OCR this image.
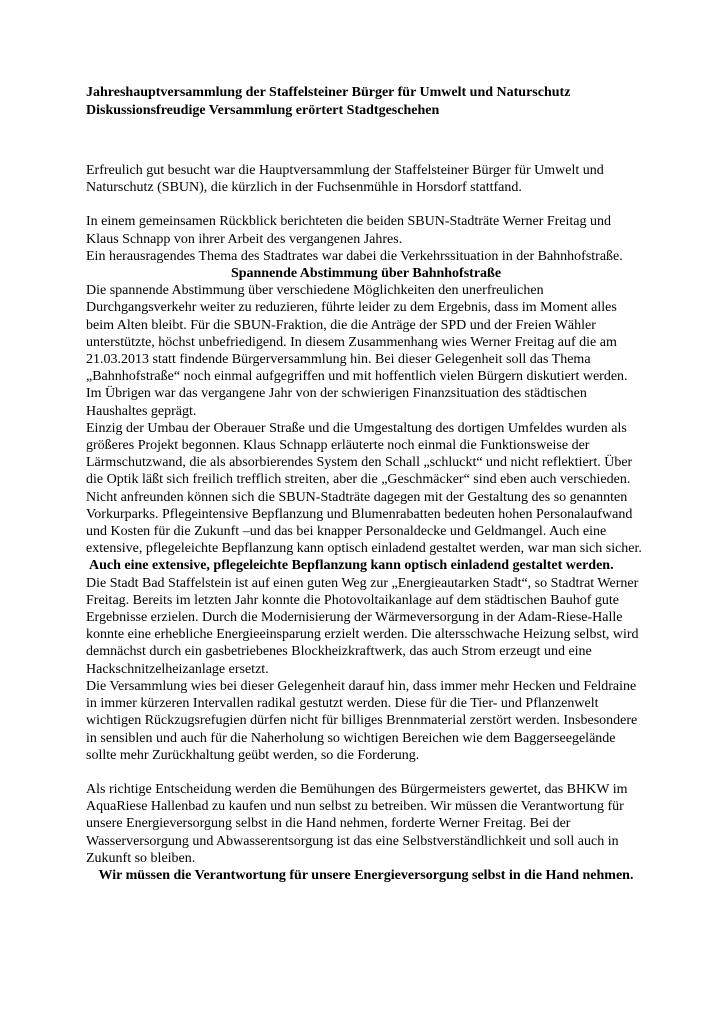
Jahreshauptversammlung der Staffelsteiner Bürger für Umwelt und Naturschutz
Diskussionsfreudige Versammlung erörtert Stadtgeschehen

Erfreulich gut besucht war die Hauptversammlung der Staffelsteiner Bürger für Umwelt und Naturschutz (SBUN), die kürzlich in der Fuchsenmühle in Horsdorf stattfand.

In einem gemeinsamen Rückblick berichteten die beiden SBUN-Stadträte Werner Freitag und Klaus Schnapp von ihrer Arbeit des vergangenen Jahres.

Ein herausragendes Thema des Stadtrates war dabei die Verkehrssituation in der Bahnhofstraße.

Spannende Abstimmung über Bahnhofstraße

Die spannende Abstimmung über verschiedene Möglichkeiten den unerfreulichen Durchgangsverkehr weiter zu reduzieren, führte leider zu dem Ergebnis, dass im Moment alles beim Alten bleibt. Für die SBUN-Fraktion, die die Anträge der SPD und der Freien Wähler unterstützte, höchst unbefriedigend. In diesem Zusammenhang wies Werner Freitag auf die am 21.03.2013 statt findende Bürgerversammlung hin. Bei dieser Gelegenheit soll das Thema „Bahnhofstraße“ noch einmal aufgegriffen und mit hoffentlich vielen Bürgern diskutiert werden.

Im Übrigen war das vergangene Jahr von der schwierigen Finanzsituation des städtischen Haushaltes geprägt.

Einzig der Umbau der Oberauer Straße und die Umgestaltung des dortigen Umfeldes wurden als größeres Projekt begonnen. Klaus Schnapp erläuterte noch einmal die Funktionsweise der Lärmschutzwand, die als absorbierendes System den Schall „schluckt“ und nicht reflektiert. Über die Optik läßt sich freilich trefflich streiten, aber die „Geschmäcker“ sind eben auch verschieden.

Nicht anfreunden können sich die SBUN-Stadträte dagegen mit der Gestaltung des so genannten Vorkurparks. Pflegeintensive Bepflanzung und Blumenrabatten bedeuten hohen Personalaufwand und Kosten für die Zukunft –und das bei knapper Personaldecke und Geldmangel. Auch eine extensive, pflegeleichte Bepflanzung kann optisch einladend gestaltet werden, war man sich sicher.

Auch eine extensive, pflegeleichte Bepflanzung kann optisch einladend gestaltet werden.

Die Stadt Bad Staffelstein ist auf einen guten Weg zur „Energieautarken Stadt“, so Stadtrat Werner Freitag. Bereits im letzten Jahr konnte die Photovoltaikanlage auf dem städtischen Bauhof gute Ergebnisse erzielen. Durch die Modernisierung der Wärmeversorgung in der Adam-Riese-Halle konnte eine erhebliche Energieeinsparung erzielt werden. Die altersschwache Heizung selbst, wird demnächst durch ein gasbetriebenes Blockheizkraftwerk, das auch Strom erzeugt und eine Hackschnitzelheizanlage ersetzt.

Die Versammlung wies bei dieser Gelegenheit darauf hin, dass immer mehr Hecken und Feldraine in immer kürzeren Intervallen radikal gestutzt werden. Diese für die Tier- und Pflanzenwelt wichtigen Rückzugsrefugien dürfen nicht für billiges Brennmaterial zerstört werden. Insbesondere in sensiblen und auch für die Naherholung so wichtigen Bereichen wie dem Baggerseegelände sollte mehr Zurückhaltung geübt werden, so die Forderung.

Als richtige Entscheidung werden die Bemühungen des Bürgermeisters gewertet, das BHKW im AquaRiese Hallenbad zu kaufen und nun selbst zu betreiben. Wir müssen die Verantwortung für unsere Energieversorgung selbst in die Hand nehmen, forderte Werner Freitag. Bei der Wasserversorgung und Abwasserentsorgung ist das eine Selbstverständlichkeit und soll auch in Zukunft so bleiben.

Wir müssen die Verantwortung für unsere Energieversorgung selbst in die Hand nehmen.
